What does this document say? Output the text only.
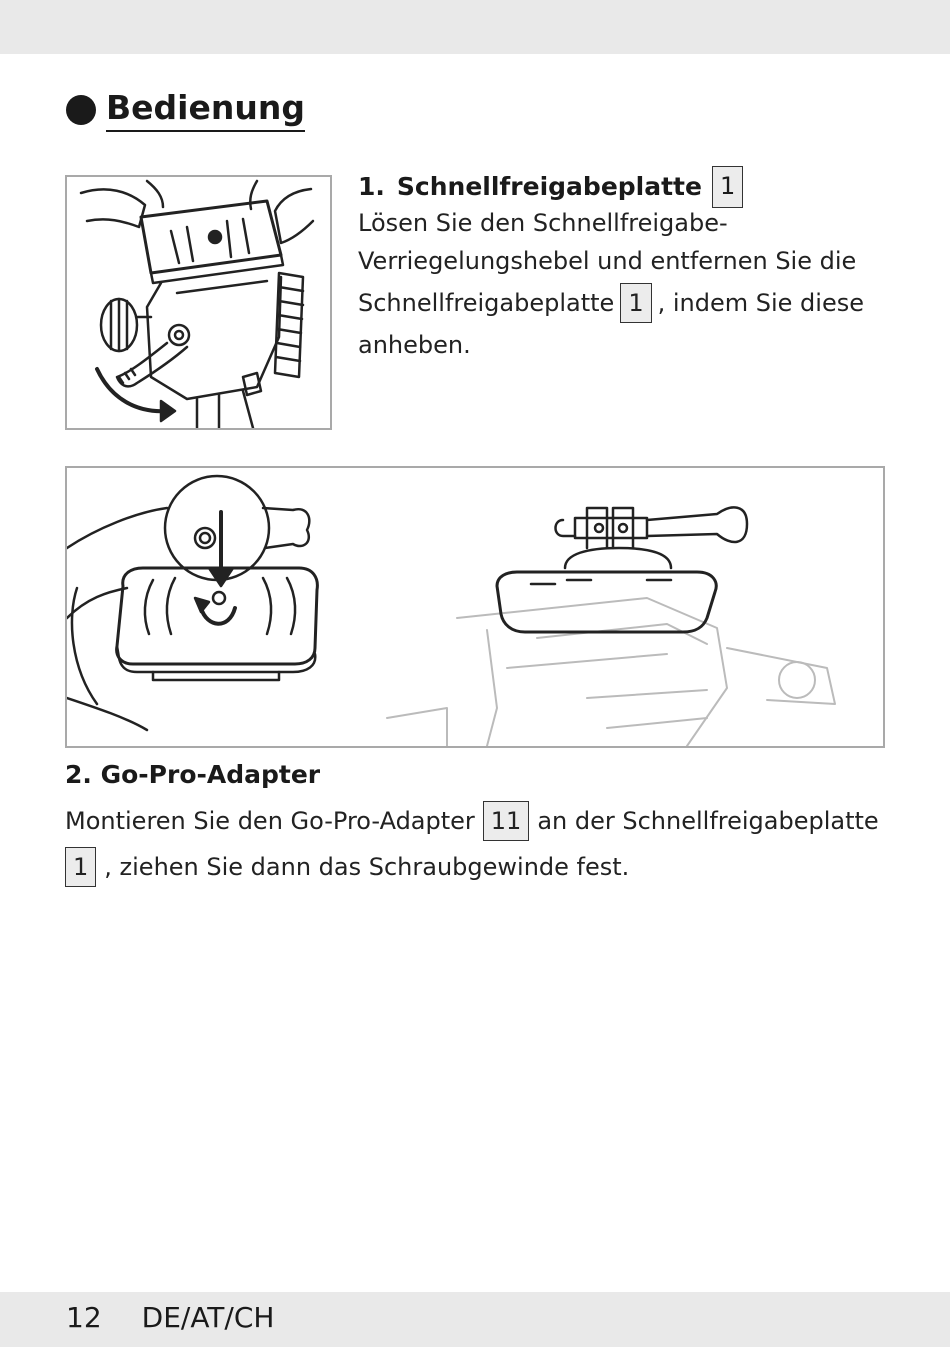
Bedienung
1. Schnellfreigabeplatte 1
Lösen Sie den Schnellfreigabe-
Verriegelungshebel und entfernen Sie die
Schnellfreigabeplatte 1 , indem Sie diese
anheben.
2. Go-Pro-Adapter
Montieren Sie den Go-Pro-Adapter 11 an der Schnellfreigabeplatte
1 , ziehen Sie dann das Schraubgewinde fest.
12 DE/AT/CH
